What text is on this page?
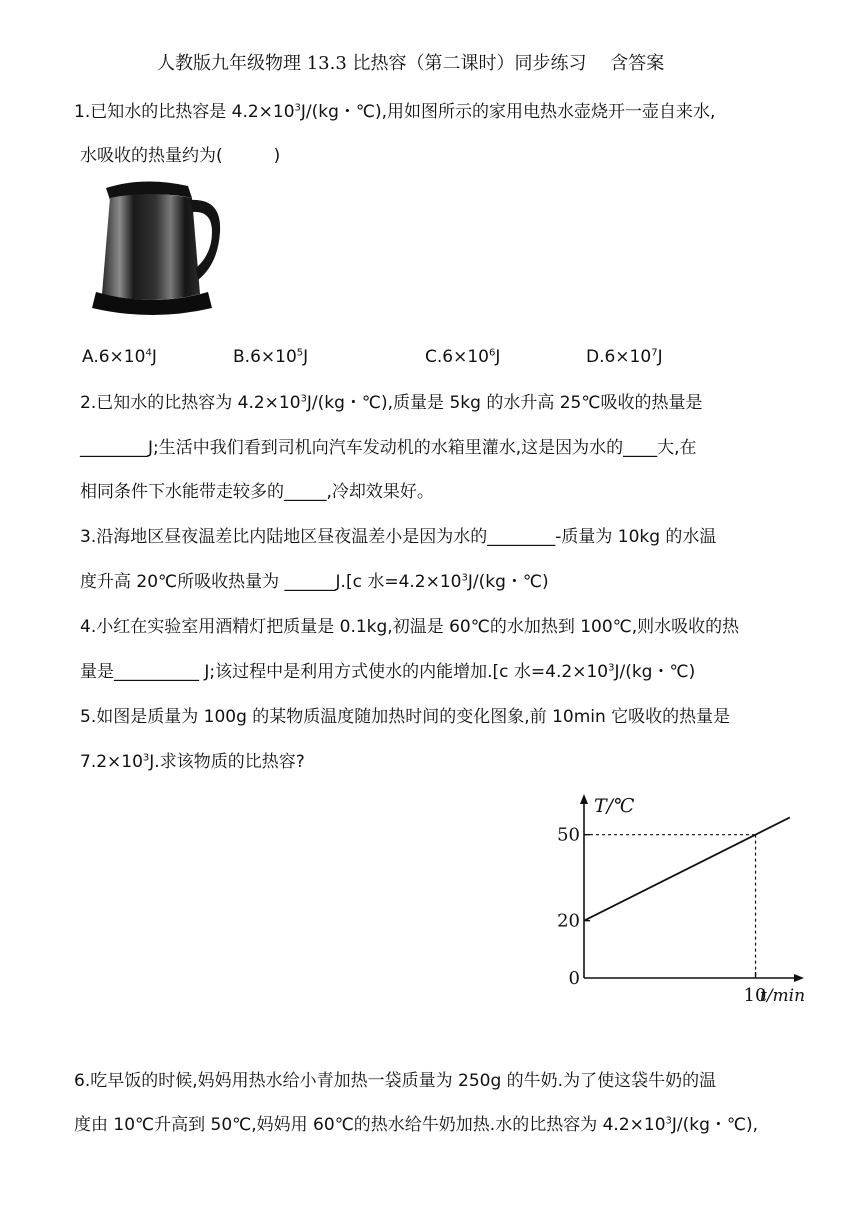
人教版九年级物理 13.3 比热容（第二课时）同步练习　 含答案
1.已知水的比热容是 $4.2\times 10^3J/(kg$・℃),用如图所示的家用电热水壶烧开一壶自来水,
水吸收的热量约为(　　　)
$A.6\times 10^4J$	$B.6\times 10^5J$	$C.6\times 10^6J$	$D.6\times 10^7J$
2.已知水的比热容为 $4.2\times 10^3J/(kg$・℃),质量是 5kg 的水升高 25℃吸收的热量是
________J;生活中我们看到司机向汽车发动机的水箱里灌水,这是因为水的____大,在
相同条件下水能带走较多的_____,冷却效果好。
3.沿海地区昼夜温差比内陆地区昼夜温差小是因为水的________-质量为 10kg 的水温
度升高 20℃所吸收热量为 ______J.[c 水$=4.2\times 10^3J/(kg$・℃)
4.小红在实验室用酒精灯把质量是 0.1kg,初温是 60℃的水加热到 100℃,则水吸收的热
量是__________ J;该过程中是利用方式使水的内能增加.[c 水$=4.2\times 10^3J/(kg$・℃)
5.如图是质量为 100g 的某物质温度随加热时间的变化图象,前 10min 它吸收的热量是
$7.2\times 10^3J$.求该物质的比热容?
10
0
20
50
T/℃
t/min
6.吃早饭的时候,妈妈用热水给小青加热一袋质量为 250g 的牛奶.为了使这袋牛奶的温
度由 10℃升高到 50℃,妈妈用 60℃的热水给牛奶加热.水的比热容为 $4.2\times 10^3J/(kg$・℃),
